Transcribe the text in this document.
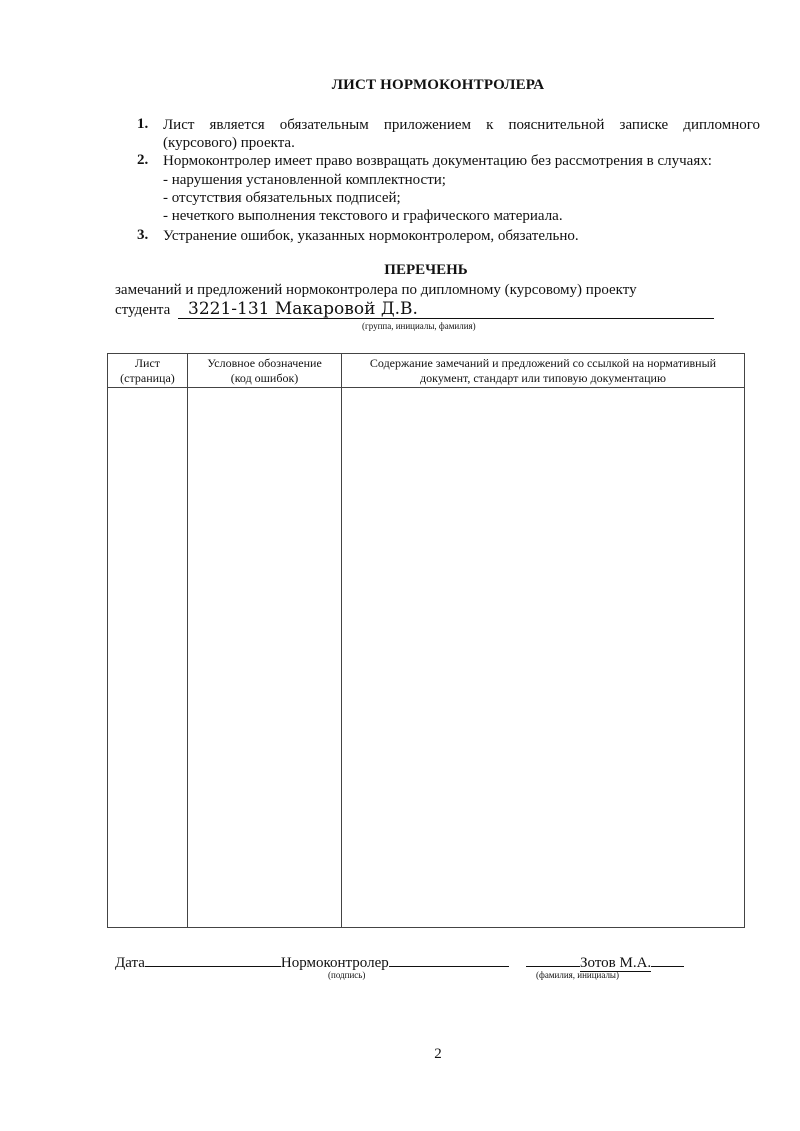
ЛИСТ НОРМОКОНТРОЛЕРА
1. Лист является обязательным приложением к пояснительной записке дипломного
(курсового) проекта.
2. Нормоконтролер имеет право возвращать документацию без рассмотрения в случаях:
- нарушения установленной комплектности;
- отсутствия обязательных подписей;
- нечеткого выполнения текстового и графического материала.
3. Устранение ошибок, указанных нормоконтролером, обязательно.
ПЕРЕЧЕНЬ
замечаний и предложений нормоконтролера по дипломному (курсовому) проекту
студента 3221-131 Макаровой Д.В.
(группа, инициалы, фамилия)
Лист (страница)	Условное обозначение (код ошибок)	Содержание замечаний и предложений со ссылкой на нормативный документ, стандарт или типовую документацию

Дата	Нормоконтролер	Зотов М.А.
(подпись)	(фамилия, инициалы)
2
